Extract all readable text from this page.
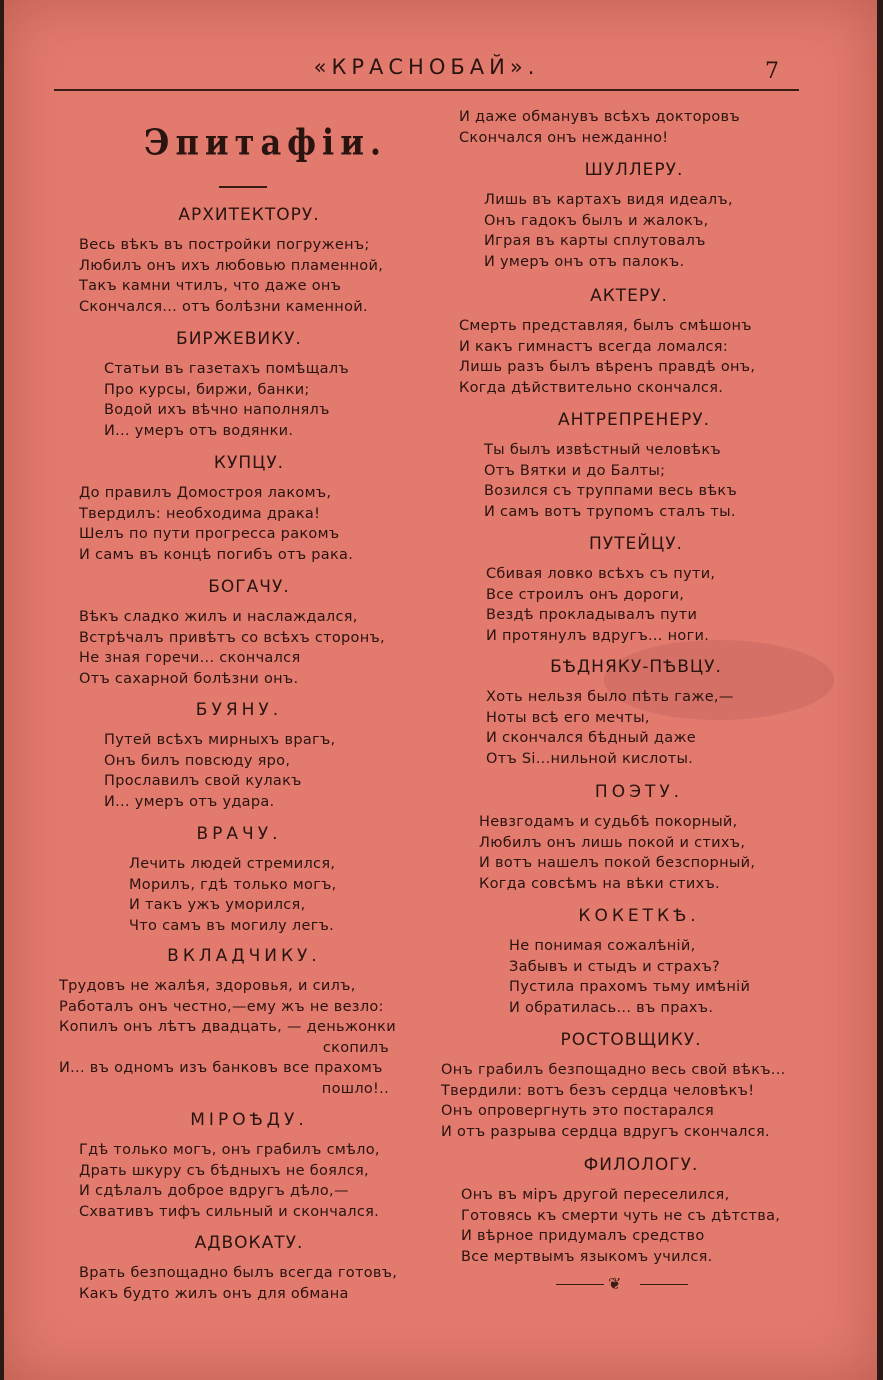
«КРАСНОБАЙ».	7
Эпитафіи.
АРХИТЕКТОРУ.
Весь вѣкъ въ постройки погруженъ;
Любилъ онъ ихъ любовью пламенной,
Такъ камни чтилъ, что даже онъ
Скончался... отъ болѣзни каменной.
БИРЖЕВИКУ.
Статьи въ газетахъ помѣщалъ
Про курсы, биржи, банки;
Водой ихъ вѣчно наполнялъ
И... умеръ отъ водянки.
КУПЦУ.
До правилъ Домостроя лакомъ,
Твердилъ: необходима драка!
Шелъ по пути прогресса ракомъ
И самъ въ концѣ погибъ отъ рака.
БОГАЧУ.
Вѣкъ сладко жилъ и наслаждался,
Встрѣчалъ привѣтъ со всѣхъ сторонъ,
Не зная горечи... скончался
Отъ сахарной болѣзни онъ.
БУЯНУ.
Путей всѣхъ мирныхъ врагъ,
Онъ билъ повсюду яро,
Прославилъ свой кулакъ
И... умеръ отъ удара.
ВРАЧУ.
Лечить людей стремился,
Морилъ, гдѣ только могъ,
И такъ ужъ уморился,
Что самъ въ могилу легъ.
ВКЛАДЧИКУ.
Трудовъ не жалѣя, здоровья, и силъ,
Работалъ онъ честно,—ему жъ не везло:
Копилъ онъ лѣтъ двадцать, — деньжонки
скопилъ
И... въ одномъ изъ банковъ все прахомъ
пошло!..
МІРОѢДУ.
Гдѣ только могъ, онъ грабилъ смѣло,
Драть шкуру съ бѣдныхъ не боялся,
И сдѣлалъ доброе вдругъ дѣло,—
Схвативъ тифъ сильный и скончался.
АДВОКАТУ.
Врать безпощадно былъ всегда готовъ,
Какъ будто жилъ онъ для обмана
И даже обманувъ всѣхъ докторовъ
Скончался онъ нежданно!
ШУЛЛЕРУ.
Лишь въ картахъ видя идеалъ,
Онъ гадокъ былъ и жалокъ,
Играя въ карты сплутовалъ
И умеръ онъ отъ палокъ.
АКТЕРУ.
Смерть представляя, былъ смѣшонъ
И какъ гимнастъ всегда ломался:
Лишь разъ былъ вѣренъ правдѣ онъ,
Когда дѣйствительно скончался.
АНТРЕПРЕНЕРУ.
Ты былъ извѣстный человѣкъ
Отъ Вятки и до Балты;
Возился съ труппами весь вѣкъ
И самъ вотъ трупомъ сталъ ты.
ПУТЕЙЦУ.
Сбивая ловко всѣхъ съ пути,
Все строилъ онъ дороги,
Вездѣ прокладывалъ пути
И протянулъ вдругъ... ноги.
БѢДНЯКУ-ПѢВЦУ.
Хоть нельзя было пѣть гаже,—
Ноты всѣ его мечты,
И скончался бѣдный даже
Отъ Si...нильной кислоты.
ПОЭТУ.
Невзгодамъ и судьбѣ покорный,
Любилъ онъ лишь покой и стихъ,
И вотъ нашелъ покой безспорный,
Когда совсѣмъ на вѣки стихъ.
КОКЕТКѢ.
Не понимая сожалѣній,
Забывъ и стыдъ и страхъ?
Пустила прахомъ тьму имѣній
И обратилась... въ прахъ.
РОСТОВЩИКУ.
Онъ грабилъ безпощадно весь свой вѣкъ...
Твердили: вотъ безъ сердца человѣкъ!
Онъ опровергнуть это постарался
И отъ разрыва сердца вдругъ скончался.
ФИЛОЛОГУ.
Онъ въ міръ другой переселился,
Готовясь къ смерти чуть не съ дѣтства,
И вѣрное придумалъ средство
Все мертвымъ языкомъ учился.
❦
